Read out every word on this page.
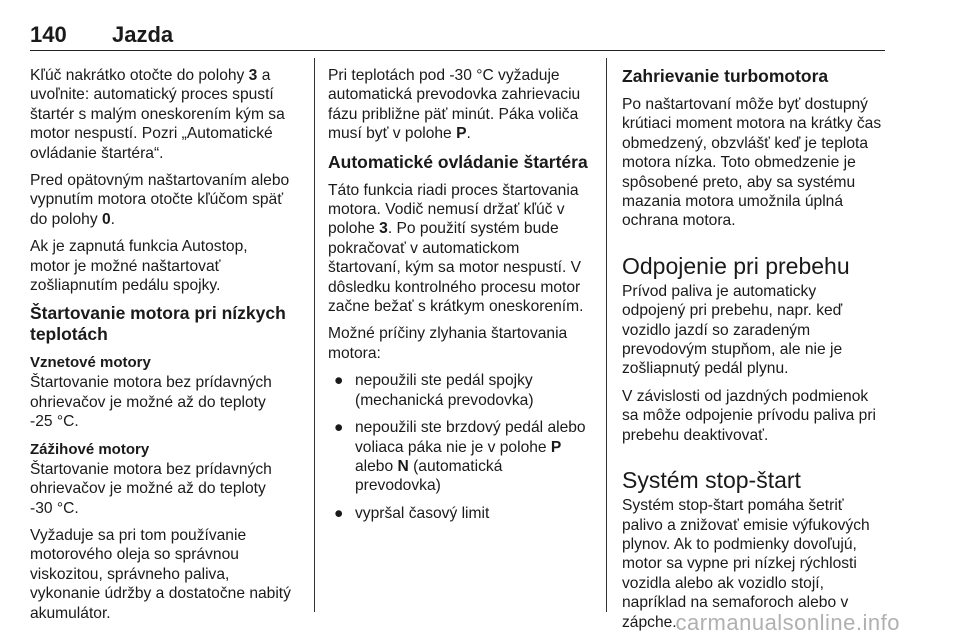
140 Jazda

Kľúč nakrátko otočte do polohy 3 a
uvoľnite: automatický proces spustí
štartér s malým oneskorením kým sa
motor nespustí. Pozri „Automatické
ovládanie štartéra“.

Pred opätovným naštartovaním alebo
vypnutím motora otočte kľúčom späť
do polohy 0.

Ak je zapnutá funkcia Autostop,
motor je možné naštartovať
zošliapnutím pedálu spojky.

Štartovanie motora pri nízkych
teplotách
Vznetové motory

Štartovanie motora bez prídavných
ohrievačov je možné až do teploty
-25 °C.

Zážihové motory

Štartovanie motora bez prídavných
ohrievačov je možné až do teploty
-30 °C.

Vyžaduje sa pri tom používanie
motorového oleja so správnou
viskozitou, správneho paliva,
vykonanie údržby a dostatočne nabitý
akumulátor.

Pri teplotách pod -30 °C vyžaduje
automatická prevodovka zahrievaciu
fázu približne päť minút. Páka voliča
musí byť v polohe P.

Automatické ovládanie štartéra

Táto funkcia riadi proces štartovania
motora. Vodič nemusí držať kľúč v
polohe 3. Po použití systém bude
pokračovať v automatickom
štartovaní, kým sa motor nespustí. V
dôsledku kontrolného procesu motor
začne bežať s krátkym oneskorením.

Možné príčiny zlyhania štartovania
motora:

● nepoužili ste pedál spojky
(mechanická prevodovka)
● nepoužili ste brzdový pedál alebo
voliaca páka nie je v polohe P
alebo N (automatická
prevodovka)
● vypršal časový limit
Zahrievanie turbomotora

Po naštartovaní môže byť dostupný
krútiaci moment motora na krátky čas
obmedzený, obzvlášť keď je teplota
motora nízka. Toto obmedzenie je
spôsobené preto, aby sa systému
mazania motora umožnila úplná
ochrana motora.

Odpojenie pri prebehu

Prívod paliva je automaticky
odpojený pri prebehu, napr. keď
vozidlo jazdí so zaradeným
prevodovým stupňom, ale nie je
zošliapnutý pedál plynu.

V závislosti od jazdných podmienok
sa môže odpojenie prívodu paliva pri
prebehu deaktivovať.

Systém stop-štart

Systém stop-štart pomáha šetriť
palivo a znižovať emisie výfukových
plynov. Ak to podmienky dovoľujú,
motor sa vypne pri nízkej rýchlosti
vozidla alebo ak vozidlo stojí,
napríklad na semaforoch alebo v
zápche.

carmanualsonline.info
